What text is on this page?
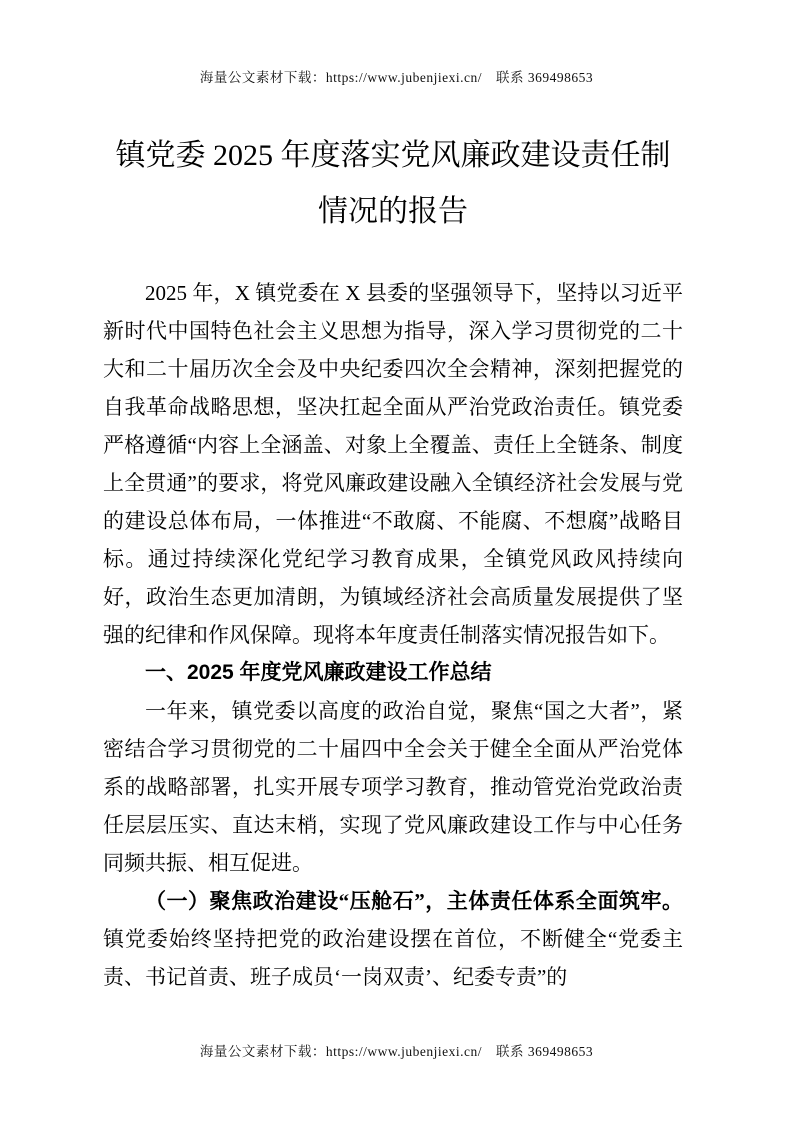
海量公文素材下载：https://www.jubenjiexi.cn/　联系 369498653
镇党委 2025 年度落实党风廉政建设责任制
情况的报告

2025 年，X 镇党委在 X 县委的坚强领导下，坚持以习近平新时代中国特色社会主义思想为指导，深入学习贯彻党的二十大和二十届历次全会及中央纪委四次全会精神，深刻把握党的自我革命战略思想，坚决扛起全面从严治党政治责任。镇党委严格遵循“内容上全涵盖、对象上全覆盖、责任上全链条、制度上全贯通”的要求，将党风廉政建设融入全镇经济社会发展与党的建设总体布局，一体推进“不敢腐、不能腐、不想腐”战略目标。通过持续深化党纪学习教育成果，全镇党风政风持续向好，政治生态更加清朗，为镇域经济社会高质量发展提供了坚强的纪律和作风保障。现将本年度责任制落实情况报告如下。

一、2025 年度党风廉政建设工作总结

一年来，镇党委以高度的政治自觉，聚焦“国之大者”，紧密结合学习贯彻党的二十届四中全会关于健全全面从严治党体系的战略部署，扎实开展专项学习教育，推动管党治党政治责任层层压实、直达末梢，实现了党风廉政建设工作与中心任务同频共振、相互促进。

（一）聚焦政治建设“压舱石”，主体责任体系全面筑牢。镇党委始终坚持把党的政治建设摆在首位，不断健全“党委主责、书记首责、班子成员‘一岗双责’、纪委专责”的

海量公文素材下载：https://www.jubenjiexi.cn/　联系 369498653
